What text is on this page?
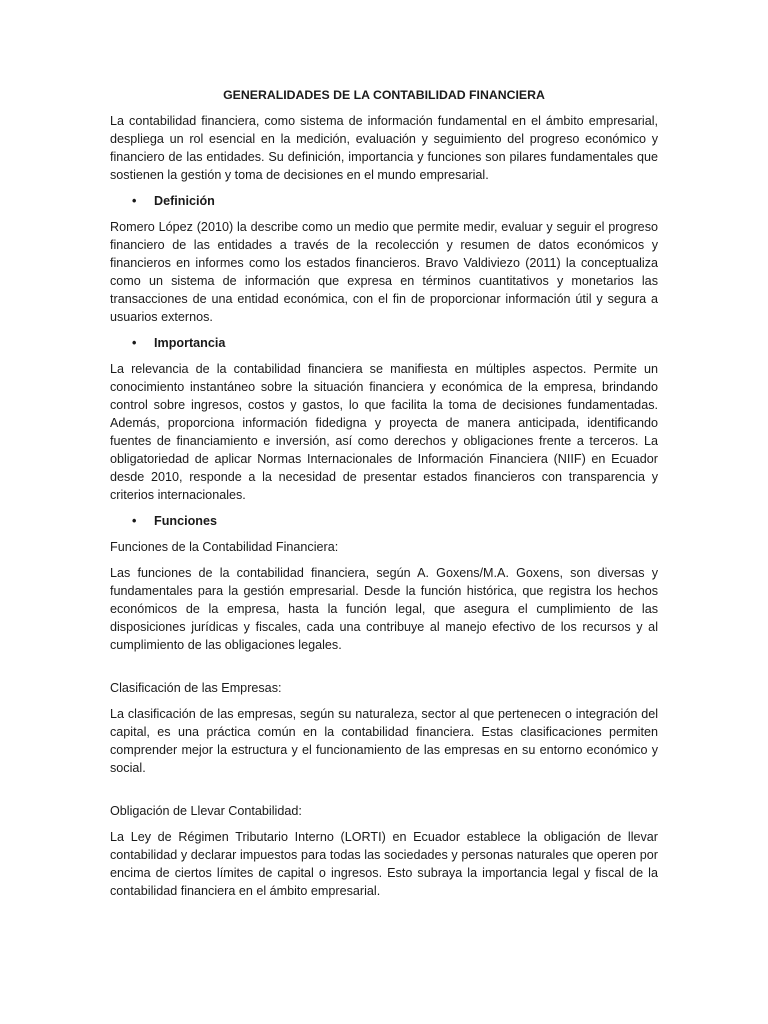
GENERALIDADES DE LA CONTABILIDAD FINANCIERA

La contabilidad financiera, como sistema de información fundamental en el ámbito empresarial, despliega un rol esencial en la medición, evaluación y seguimiento del progreso económico y financiero de las entidades. Su definición, importancia y funciones son pilares fundamentales que sostienen la gestión y toma de decisiones en el mundo empresarial.

•	Definición

Romero López (2010) la describe como un medio que permite medir, evaluar y seguir el progreso financiero de las entidades a través de la recolección y resumen de datos económicos y financieros en informes como los estados financieros. Bravo Valdiviezo (2011) la conceptualiza como un sistema de información que expresa en términos cuantitativos y monetarios las transacciones de una entidad económica, con el fin de proporcionar información útil y segura a usuarios externos.

•	Importancia

La relevancia de la contabilidad financiera se manifiesta en múltiples aspectos. Permite un conocimiento instantáneo sobre la situación financiera y económica de la empresa, brindando control sobre ingresos, costos y gastos, lo que facilita la toma de decisiones fundamentadas. Además, proporciona información fidedigna y proyecta de manera anticipada, identificando fuentes de financiamiento e inversión, así como derechos y obligaciones frente a terceros. La obligatoriedad de aplicar Normas Internacionales de Información Financiera (NIIF) en Ecuador desde 2010, responde a la necesidad de presentar estados financieros con transparencia y criterios internacionales.

•	Funciones

Funciones de la Contabilidad Financiera:

Las funciones de la contabilidad financiera, según A. Goxens/M.A. Goxens, son diversas y fundamentales para la gestión empresarial. Desde la función histórica, que registra los hechos económicos de la empresa, hasta la función legal, que asegura el cumplimiento de las disposiciones jurídicas y fiscales, cada una contribuye al manejo efectivo de los recursos y al cumplimiento de las obligaciones legales.

Clasificación de las Empresas:

La clasificación de las empresas, según su naturaleza, sector al que pertenecen o integración del capital, es una práctica común en la contabilidad financiera. Estas clasificaciones permiten comprender mejor la estructura y el funcionamiento de las empresas en su entorno económico y social.

Obligación de Llevar Contabilidad:

La Ley de Régimen Tributario Interno (LORTI) en Ecuador establece la obligación de llevar contabilidad y declarar impuestos para todas las sociedades y personas naturales que operen por encima de ciertos límites de capital o ingresos. Esto subraya la importancia legal y fiscal de la contabilidad financiera en el ámbito empresarial.
